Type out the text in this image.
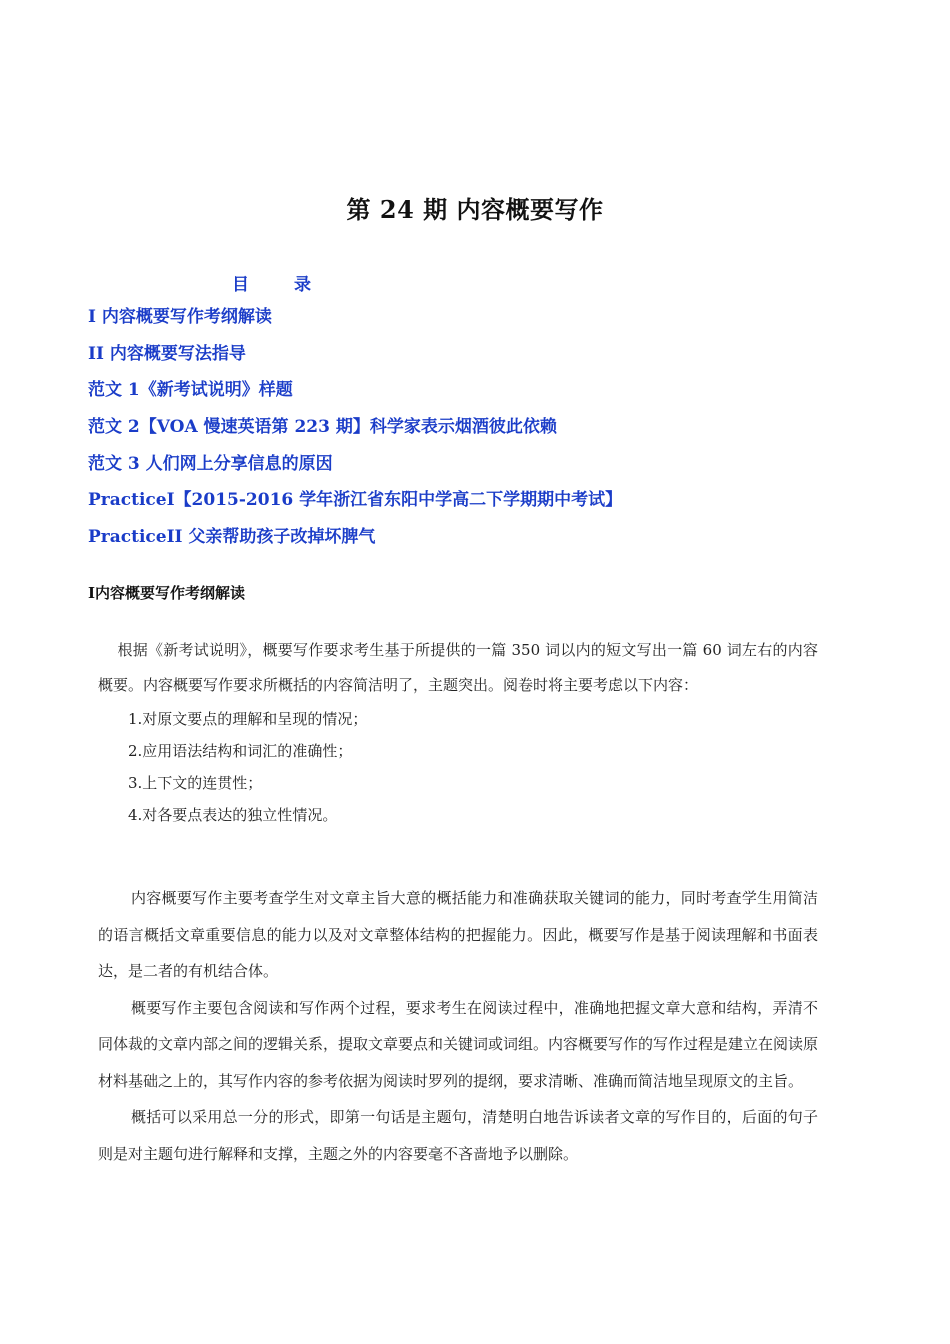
第 24 期 内容概要写作
目　录
I 内容概要写作考纲解读
II 内容概要写法指导
范文 1《新考试说明》样题
范文 2【VOA 慢速英语第 223 期】科学家表示烟酒彼此依赖
范文 3 人们网上分享信息的原因
PracticeI【2015-2016 学年浙江省东阳中学高二下学期期中考试】
PracticeII 父亲帮助孩子改掉坏脾气
I内容概要写作考纲解读

根据《新考试说明》，概要写作要求考生基于所提供的一篇 350 词以内的短文写出一篇 60 词左右的内容概要。内容概要写作要求所概括的内容简洁明了，主题突出。阅卷时将主要考虑以下内容：

1.对原文要点的理解和呈现的情况；

2.应用语法结构和词汇的准确性；

3.上下文的连贯性；

4.对各要点表达的独立性情况。

内容概要写作主要考查学生对文章主旨大意的概括能力和准确获取关键词的能力，同时考查学生用简洁的语言概括文章重要信息的能力以及对文章整体结构的把握能力。因此，概要写作是基于阅读理解和书面表达，是二者的有机结合体。

概要写作主要包含阅读和写作两个过程，要求考生在阅读过程中，准确地把握文章大意和结构，弄清不同体裁的文章内部之间的逻辑关系，提取文章要点和关键词或词组。内容概要写作的写作过程是建立在阅读原材料基础之上的，其写作内容的参考依据为阅读时罗列的提纲，要求清晰、准确而简洁地呈现原文的主旨。

概括可以采用总一分的形式，即第一句话是主题句，清楚明白地告诉读者文章的写作目的，后面的句子则是对主题句进行解释和支撑，主题之外的内容要毫不吝啬地予以删除。
